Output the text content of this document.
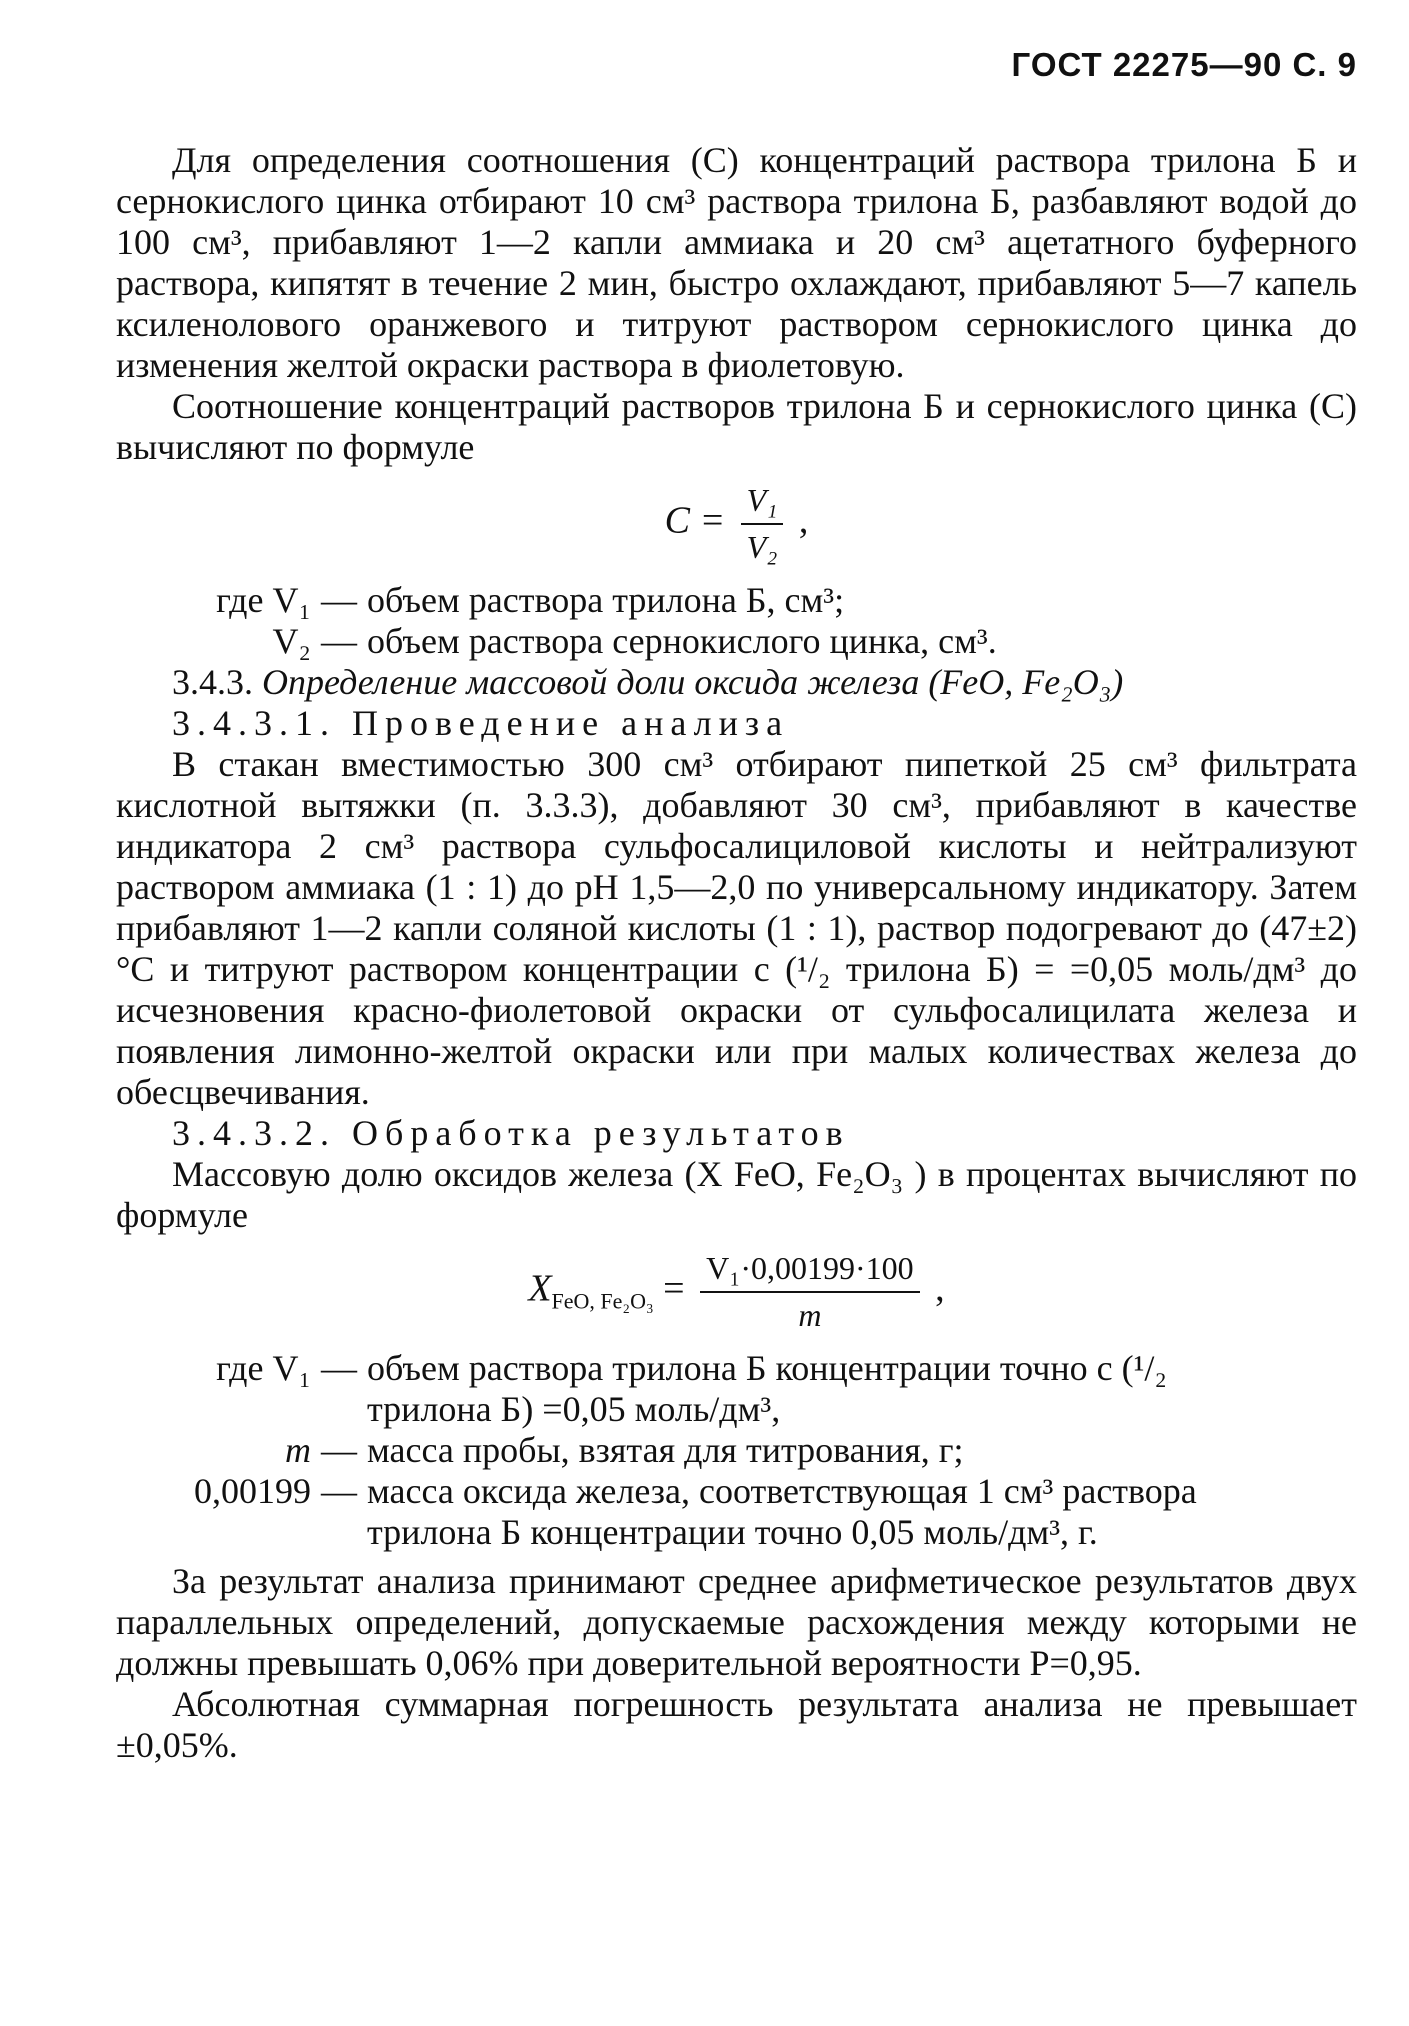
ГОСТ 22275—90 С. 9

Для определения соотношения (С) концентраций раствора трилона Б и сернокислого цинка отбирают 10 см³ раствора трилона Б, разбавляют водой до 100 см³, прибавляют 1—2 капли аммиака и 20 см³ ацетатного буферного раствора, кипятят в течение 2 мин, быстро охлаждают, прибавляют 5—7 капель ксиленолового оранжевого и титруют раствором сернокислого цинка до изменения желтой окраски раствора в фиолетовую.

Соотношение концентраций растворов трилона Б и сернокислого цинка (С) вычисляют по формуле

$C = \frac{\text{V₁}}{\text{V₂}}$ ,
где V₁ — объем раствора трилона Б, см³;
V₂ — объем раствора сернокислого цинка, см³.

3.4.3. Определение массовой доли оксида железа (FeO, Fe₂O₃)

3.4.3.1. Проведение анализа

В стакан вместимостью 300 см³ отбирают пипеткой 25 см³ фильтрата кислотной вытяжки (п. 3.3.3), добавляют 30 см³, прибавляют в качестве индикатора 2 см³ раствора сульфосалициловой кислоты и нейтрализуют раствором аммиака (1 : 1) до pH 1,5—2,0 по универсальному индикатору. Затем прибавляют 1—2 капли соляной кислоты (1 : 1), раствор подогревают до (47±2)°С и титруют раствором концентрации с (¹/₂ трилона Б) = =0,05 моль/дм³ до исчезновения красно-фиолетовой окраски от сульфосалицилата железа и появления лимонно-желтой окраски или при малых количествах железа до обесцвечивания.

3.4.3.2. Обработка результатов

Массовую долю оксидов железа (X FeO, Fe₂O₃ ) в процентах вычисляют по формуле

$X_{FeO, Fe_2O_3} = \frac{\text{V₁·0,00199·100}}{m}$ ,
где V₁ — объем раствора трилона Б концентрации точно с (¹/₂
трилона Б) =0,05 моль/дм³,
m — масса пробы, взятая для титрования, г;
0,00199 — масса оксида железа, соответствующая 1 см³ раствора
трилона Б концентрации точно 0,05 моль/дм³, г.

За результат анализа принимают среднее арифметическое результатов двух параллельных определений, допускаемые расхождения между которыми не должны превышать 0,06% при доверительной вероятности Р=0,95.

Абсолютная суммарная погрешность результата анализа не превышает ±0,05%.
